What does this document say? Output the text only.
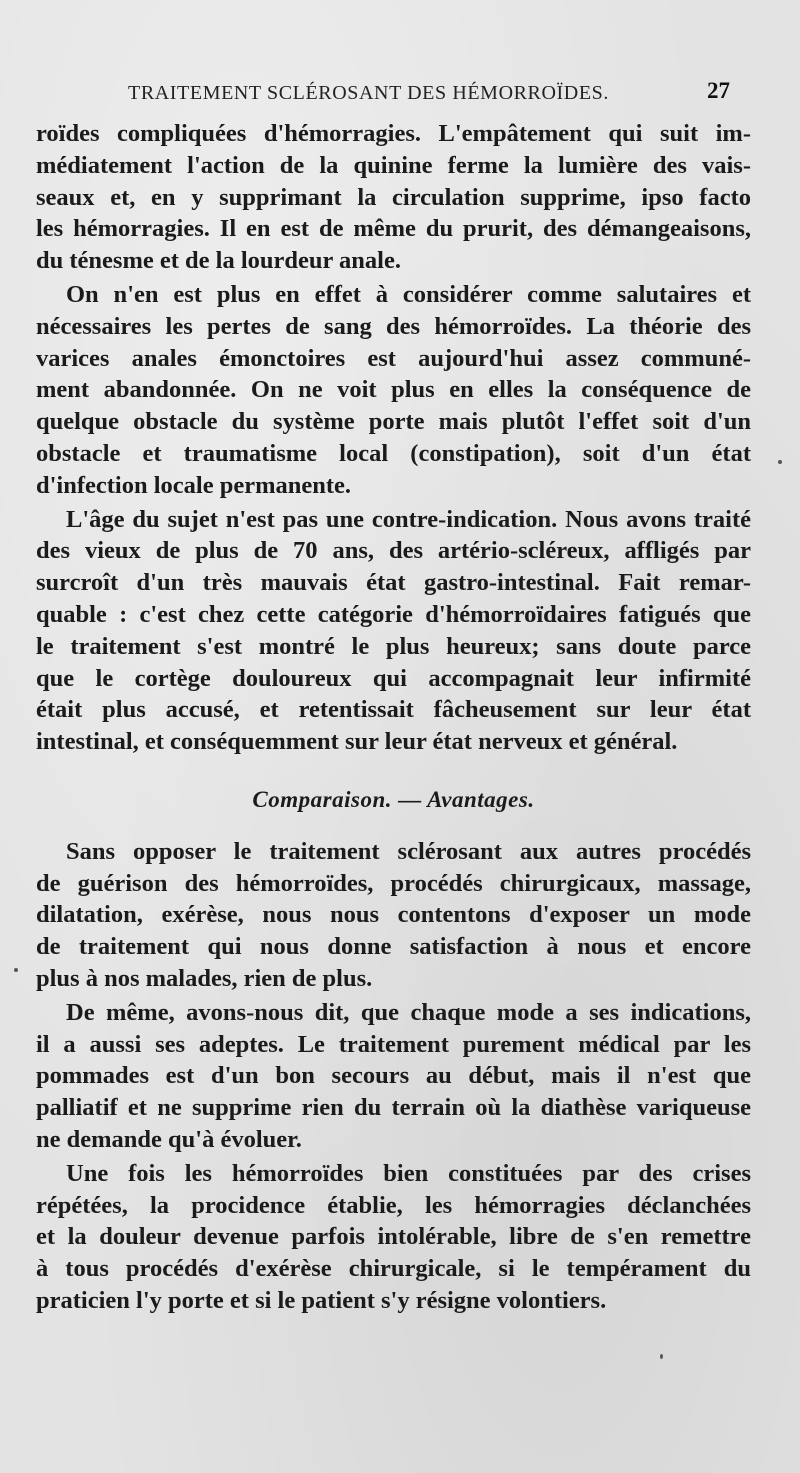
TRAITEMENT SCLÉROSANT DES HÉMORROÏDES.	27

roïdes compliquées d'hémorragies. L'empâtement qui suit im-
médiatement l'action de la quinine ferme la lumière des vais-
seaux et, en y supprimant la circulation supprime, ipso facto
les hémorragies. Il en est de même du prurit, des démangeaisons,
du ténesme et de la lourdeur anale.

On n'en est plus en effet à considérer comme salutaires et
nécessaires les pertes de sang des hémorroïdes. La théorie des
varices anales émonctoires est aujourd'hui assez communé-
ment abandonnée. On ne voit plus en elles la conséquence de
quelque obstacle du système porte mais plutôt l'effet soit d'un
obstacle et traumatisme local (constipation), soit d'un état
d'infection locale permanente.

L'âge du sujet n'est pas une contre-indication. Nous avons traité
des vieux de plus de 70 ans, des artério-scléreux, affligés par
surcroît d'un très mauvais état gastro-intestinal. Fait remar-
quable : c'est chez cette catégorie d'hémorroïdaires fatigués que
le traitement s'est montré le plus heureux; sans doute parce
que le cortège douloureux qui accompagnait leur infirmité
était plus accusé, et retentissait fâcheusement sur leur état
intestinal, et conséquemment sur leur état nerveux et général.

Comparaison. — Avantages.

Sans opposer le traitement sclérosant aux autres procédés
de guérison des hémorroïdes, procédés chirurgicaux, massage,
dilatation, exérèse, nous nous contentons d'exposer un mode
de traitement qui nous donne satisfaction à nous et encore
plus à nos malades, rien de plus.

De même, avons-nous dit, que chaque mode a ses indications,
il a aussi ses adeptes. Le traitement purement médical par les
pommades est d'un bon secours au début, mais il n'est que
palliatif et ne supprime rien du terrain où la diathèse variqueuse
ne demande qu'à évoluer.

Une fois les hémorroïdes bien constituées par des crises
répétées, la procidence établie, les hémorragies déclanchées
et la douleur devenue parfois intolérable, libre de s'en remettre
à tous procédés d'exérèse chirurgicale, si le tempérament du
praticien l'y porte et si le patient s'y résigne volontiers.
